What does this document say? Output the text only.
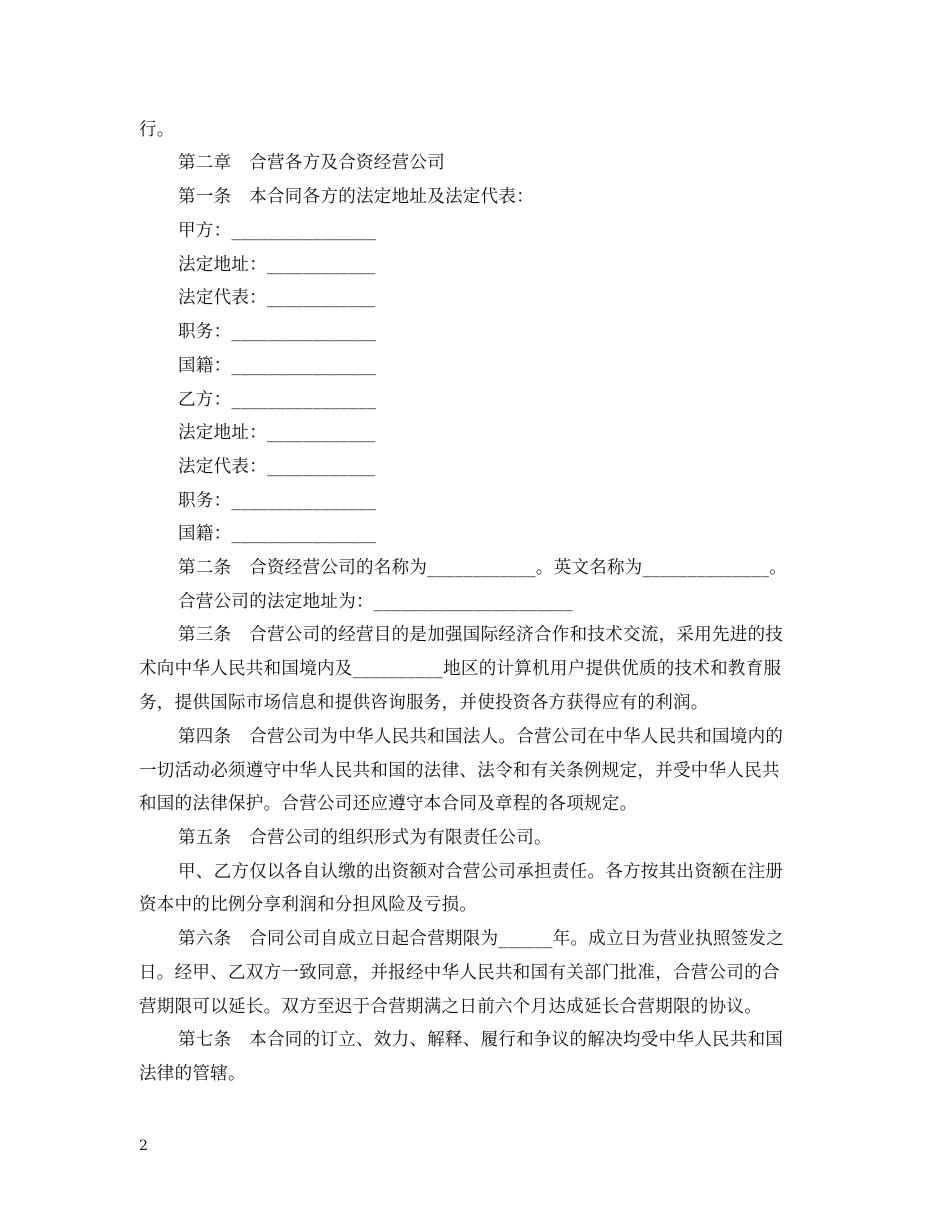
行。
第二章　合营各方及合资经营公司
第一条　本合同各方的法定地址及法定代表：
甲方：________________
法定地址：____________
法定代表：____________
职务：________________
国籍：________________
乙方：________________
法定地址：____________
法定代表：____________
职务：________________
国籍：________________
第二条　合资经营公司的名称为____________。英文名称为______________。
合营公司的法定地址为：______________________
第三条　合营公司的经营目的是加强国际经济合作和技术交流，采用先进的技
术向中华人民共和国境内及__________地区的计算机用户提供优质的技术和教育服
务，提供国际市场信息和提供咨询服务，并使投资各方获得应有的利润。
第四条　合营公司为中华人民共和国法人。合营公司在中华人民共和国境内的
一切活动必须遵守中华人民共和国的法律、法令和有关条例规定，并受中华人民共
和国的法律保护。合营公司还应遵守本合同及章程的各项规定。
第五条　合营公司的组织形式为有限责任公司。
甲、乙方仅以各自认缴的出资额对合营公司承担责任。各方按其出资额在注册
资本中的比例分享利润和分担风险及亏损。
第六条　合同公司自成立日起合营期限为______年。成立日为营业执照签发之
日。经甲、乙双方一致同意，并报经中华人民共和国有关部门批准，合营公司的合
营期限可以延长。双方至迟于合营期满之日前六个月达成延长合营期限的协议。
第七条　本合同的订立、效力、解释、履行和争议的解决均受中华人民共和国
法律的管辖。
2
